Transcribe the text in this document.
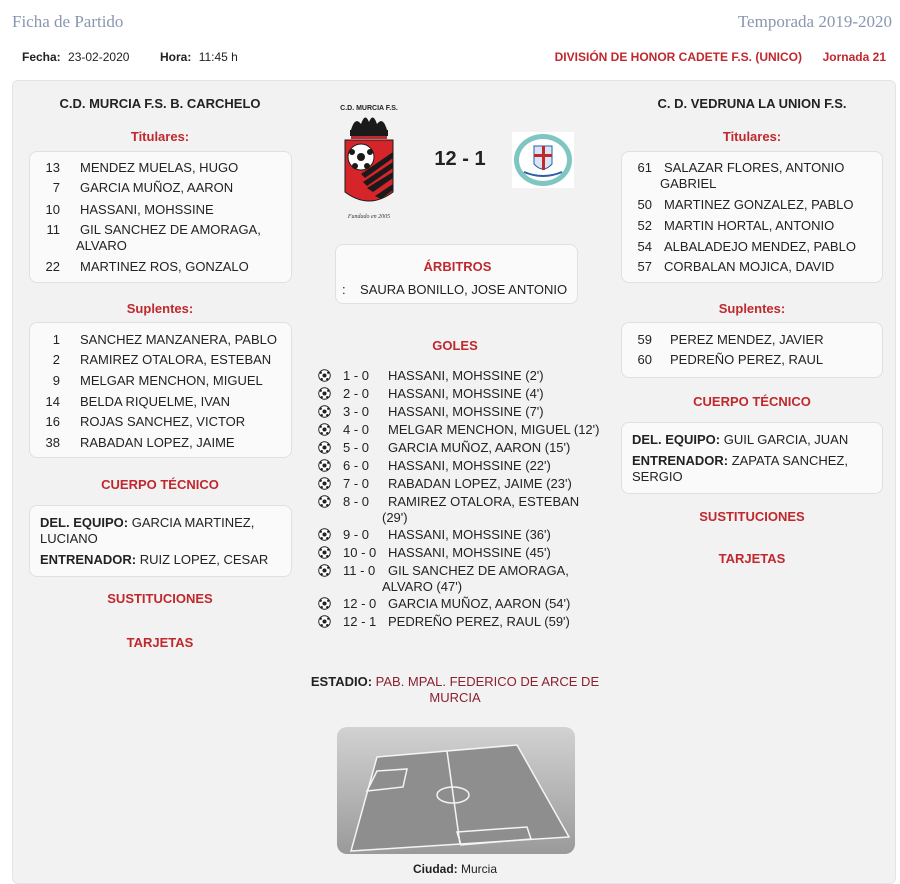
Ficha de Partido	Temporada 2019-2020
Fecha: 23-02-2020	Hora: 11:45 h	DIVISIÓN DE HONOR CADETE F.S. (UNICO) Jornada 21
C.D. MURCIA F.S. B. CARCHELO
Titulares:
13 MENDEZ MUELAS, HUGO
7 GARCIA MUÑOZ, AARON
10 HASSANI, MOHSSINE
11 GIL SANCHEZ DE AMORAGA,
ALVARO
22 MARTINEZ ROS, GONZALO
Suplentes:
1 SANCHEZ MANZANERA, PABLO
2 RAMIREZ OTALORA, ESTEBAN
9 MELGAR MENCHON, MIGUEL
14 BELDA RIQUELME, IVAN
16 ROJAS SANCHEZ, VICTOR
38 RABADAN LOPEZ, JAIME
CUERPO TÉCNICO
DEL. EQUIPO: GARCIA MARTINEZ,
LUCIANO
ENTRENADOR: RUIZ LOPEZ, CESAR
SUSTITUCIONES
TARJETAS
C.D. MURCIA F.S.
Fundado en 2005
12 - 1
ÁRBITROS
:    SAURA BONILLO, JOSE ANTONIO
GOLES
1 - 0	HASSANI, MOHSSINE (2')
2 - 0	HASSANI, MOHSSINE (4')
3 - 0	HASSANI, MOHSSINE (7')
4 - 0	MELGAR MENCHON, MIGUEL (12')
5 - 0	GARCIA MUÑOZ, AARON (15')
6 - 0	HASSANI, MOHSSINE (22')
7 - 0	RABADAN LOPEZ, JAIME (23')
8 - 0	RAMIREZ OTALORA, ESTEBAN
(29')
9 - 0	HASSANI, MOHSSINE (36')
10 - 0 HASSANI, MOHSSINE (45')
11 - 0 GIL SANCHEZ DE AMORAGA,
ALVARO (47')
12 - 0 GARCIA MUÑOZ, AARON (54')
12 - 1 PEDREÑO PEREZ, RAUL (59')
ESTADIO: PAB. MPAL. FEDERICO DE ARCE DE
MURCIA
Ciudad: Murcia
C. D. VEDRUNA LA UNION F.S.
Titulares:
61 SALAZAR FLORES, ANTONIO
GABRIEL
50 MARTINEZ GONZALEZ, PABLO
52 MARTIN HORTAL, ANTONIO
54 ALBALADEJO MENDEZ, PABLO
57 CORBALAN MOJICA, DAVID
Suplentes:
59 PEREZ MENDEZ, JAVIER
60 PEDREÑO PEREZ, RAUL
CUERPO TÉCNICO
DEL. EQUIPO: GUIL GARCIA, JUAN
ENTRENADOR: ZAPATA SANCHEZ,
SERGIO
SUSTITUCIONES
TARJETAS
